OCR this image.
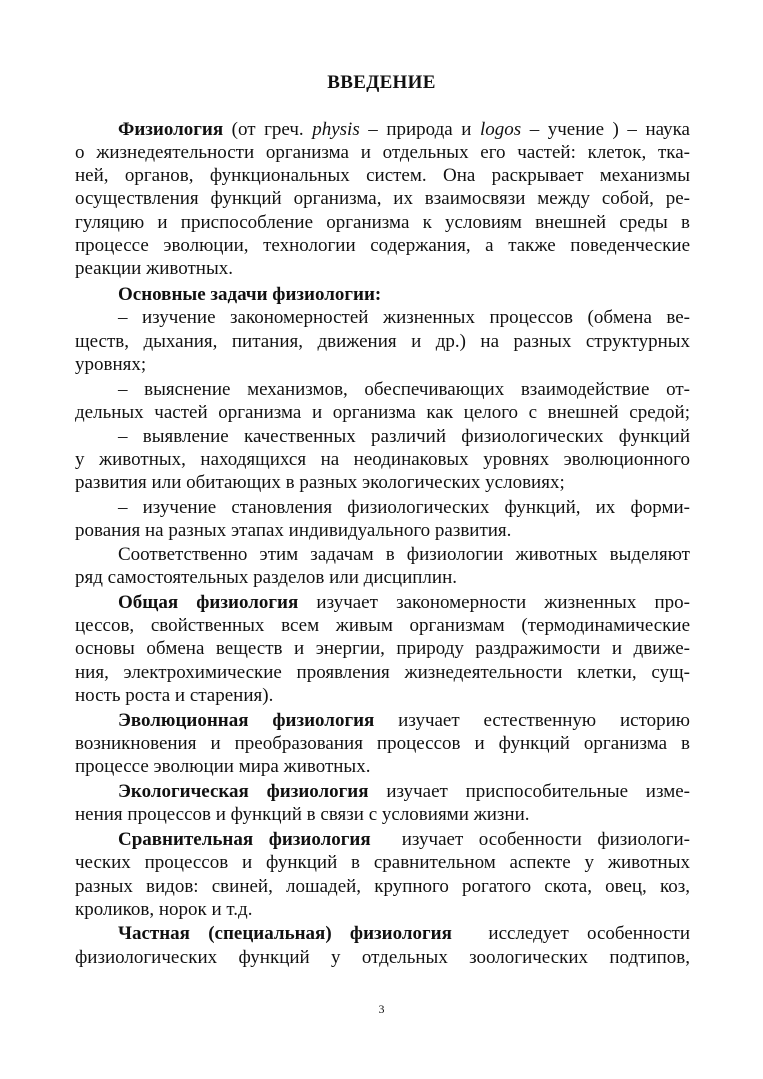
ВВЕДЕНИЕ
Физиология (от греч. physis – природа и logos – учение ) – наука
о жизнедеятельности организма и отдельных его частей: клеток, тка-
ней, органов, функциональных систем. Она раскрывает механизмы
осуществления функций организма, их взаимосвязи между собой, ре-
гуляцию и приспособление организма к условиям внешней среды в
процессе эволюции, технологии содержания, а также поведенческие
реакции животных.
Основные задачи физиологии:
– изучение закономерностей жизненных процессов (обмена ве-
ществ, дыхания, питания, движения и др.) на разных структурных
уровнях;
– выяснение механизмов, обеспечивающих взаимодействие от-
дельных частей организма и организма как целого с внешней средой;
– выявление качественных различий физиологических функций
у животных, находящихся на неодинаковых уровнях эволюционного
развития или обитающих в разных экологических условиях;
– изучение становления физиологических функций, их форми-
рования на разных этапах индивидуального развития.
Соответственно этим задачам в физиологии животных выделяют
ряд самостоятельных разделов или дисциплин.
Общая физиология изучает закономерности жизненных про-
цессов, свойственных всем живым организмам (термодинамические
основы обмена веществ и энергии, природу раздражимости и движе-
ния, электрохимические проявления жизнедеятельности клетки, сущ-
ность роста и старения).
Эволюционная физиология изучает естественную историю
возникновения и преобразования процессов и функций организма в
процессе эволюции мира животных.
Экологическая физиология изучает приспособительные изме-
нения процессов и функций в связи с условиями жизни.
Сравнительная физиология  изучает особенности физиологи-
ческих процессов и функций в сравнительном аспекте у животных
разных видов: свиней, лошадей, крупного рогатого скота, овец, коз,
кроликов, норок и т.д.
Частная (специальная) физиология  исследует особенности
физиологических функций у отдельных зоологических подтипов,
3
